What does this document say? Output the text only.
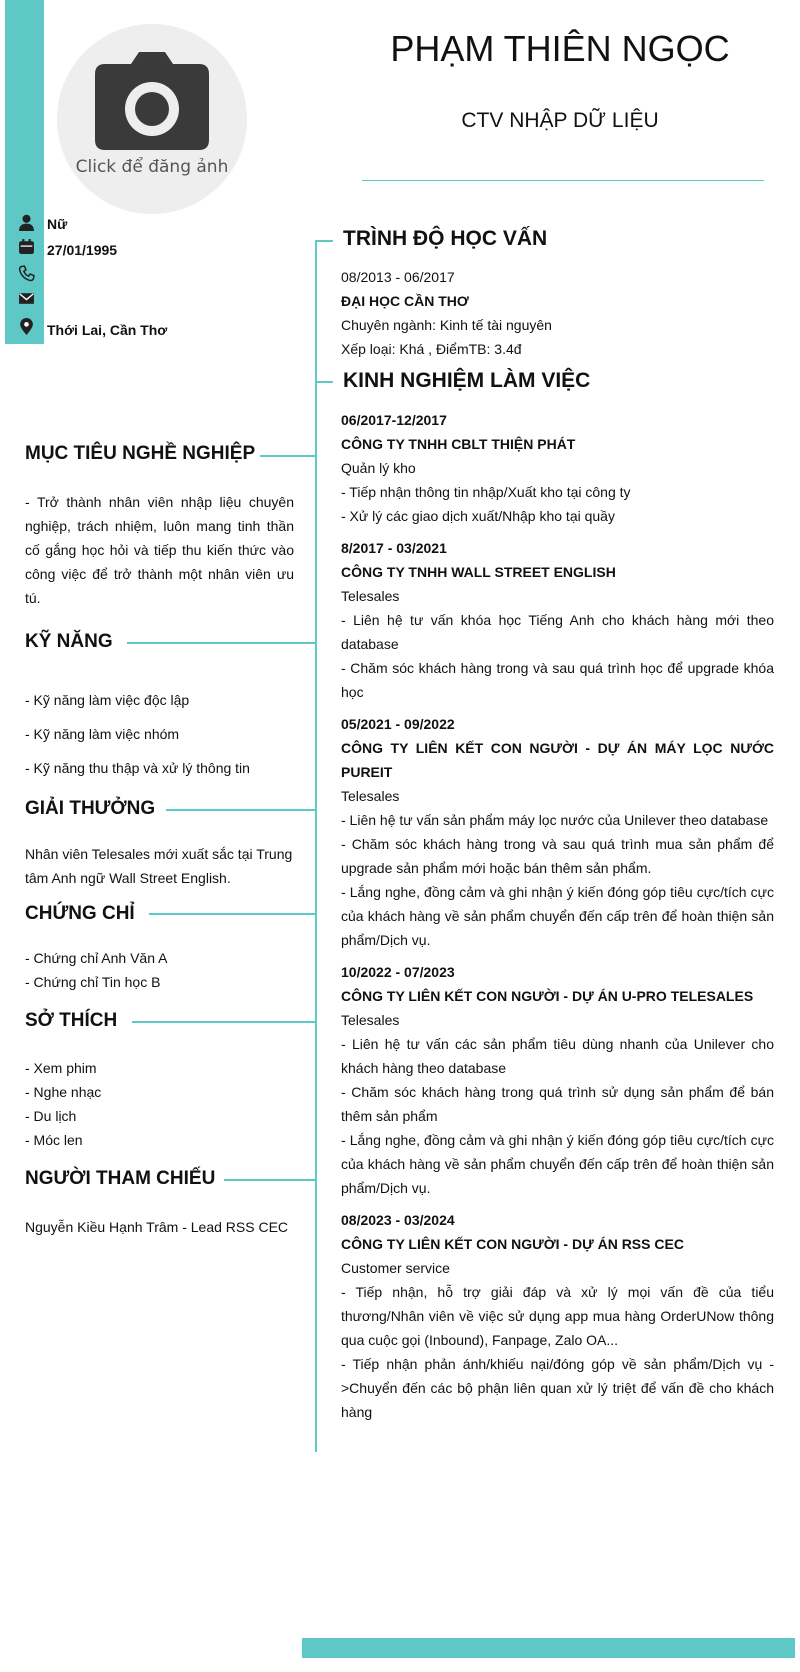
Click để đăng ảnh
PHẠM THIÊN NGỌC
CTV NHẬP DỮ LIỆU
Nữ
27/01/1995
Thới Lai, Cần Thơ
MỤC TIÊU NGHỀ NGHIỆP
- Trở thành nhân viên nhập liệu chuyên nghiệp, trách nhiệm, luôn mang tinh thần cố gắng học hỏi và tiếp thu kiến thức vào công việc để trở thành một nhân viên ưu tú.
KỸ NĂNG
- Kỹ năng làm việc độc lập
- Kỹ năng làm việc nhóm
- Kỹ năng thu thập và xử lý thông tin
GIẢI THƯỞNG
Nhân viên Telesales mới xuất sắc tại Trung tâm Anh ngữ Wall Street English.
CHỨNG CHỈ
- Chứng chỉ Anh Văn A
- Chứng chỉ Tin học B
SỞ THÍCH
- Xem phim
- Nghe nhạc
- Du lịch
- Móc len
NGƯỜI THAM CHIẾU
Nguyễn Kiều Hạnh Trâm - Lead RSS CEC
TRÌNH ĐỘ HỌC VẤN
08/2013 - 06/2017
ĐẠI HỌC CẦN THƠ
Chuyên ngành: Kinh tế tài nguyên
Xếp loại: Khá , ĐiểmTB: 3.4đ
KINH NGHIỆM LÀM VIỆC
06/2017-12/2017
CÔNG TY TNHH CBLT THIỆN PHÁT
Quản lý kho
- Tiếp nhận thông tin nhập/Xuất kho tại công ty
- Xử lý các giao dịch xuất/Nhập kho tại quầy
8/2017 - 03/2021
CÔNG TY TNHH WALL STREET ENGLISH
Telesales
- Liên hệ tư vấn khóa học Tiếng Anh cho khách hàng mới theo database
- Chăm sóc khách hàng trong và sau quá trình học để upgrade khóa học
05/2021 - 09/2022
CÔNG TY LIÊN KẾT CON NGƯỜI - DỰ ÁN MÁY LỌC NƯỚC PUREIT
Telesales
- Liên hệ tư vấn sản phẩm máy lọc nước của Unilever theo database
- Chăm sóc khách hàng trong và sau quá trình mua sản phẩm để upgrade sản phẩm mới hoặc bán thêm sản phẩm.
- Lắng nghe, đồng cảm và ghi nhận ý kiến đóng góp tiêu cực/tích cực của khách hàng về sản phẩm chuyển đến cấp trên để hoàn thiện sản phẩm/Dịch vụ.
10/2022 - 07/2023
CÔNG TY LIÊN KẾT CON NGƯỜI - DỰ ÁN U-PRO TELESALES
Telesales
- Liên hệ tư vấn các sản phẩm tiêu dùng nhanh của Unilever cho khách hàng theo database
- Chăm sóc khách hàng trong quá trình sử dụng sản phẩm để bán thêm sản phẩm
- Lắng nghe, đồng cảm và ghi nhận ý kiến đóng góp tiêu cực/tích cực của khách hàng về sản phẩm chuyển đến cấp trên để hoàn thiện sản phẩm/Dịch vụ.
08/2023 - 03/2024
CÔNG TY LIÊN KẾT CON NGƯỜI - DỰ ÁN RSS CEC
Customer service
- Tiếp nhận, hỗ trợ giải đáp và xử lý mọi vấn đề của tiểu thương/Nhân viên về việc sử dụng app mua hàng OrderUNow thông qua cuộc gọi (Inbound), Fanpage, Zalo OA...
- Tiếp nhận phản ánh/khiếu nại/đóng góp về sản phẩm/Dịch vụ ->Chuyển đến các bộ phận liên quan xử lý triệt để vấn đề cho khách hàng
